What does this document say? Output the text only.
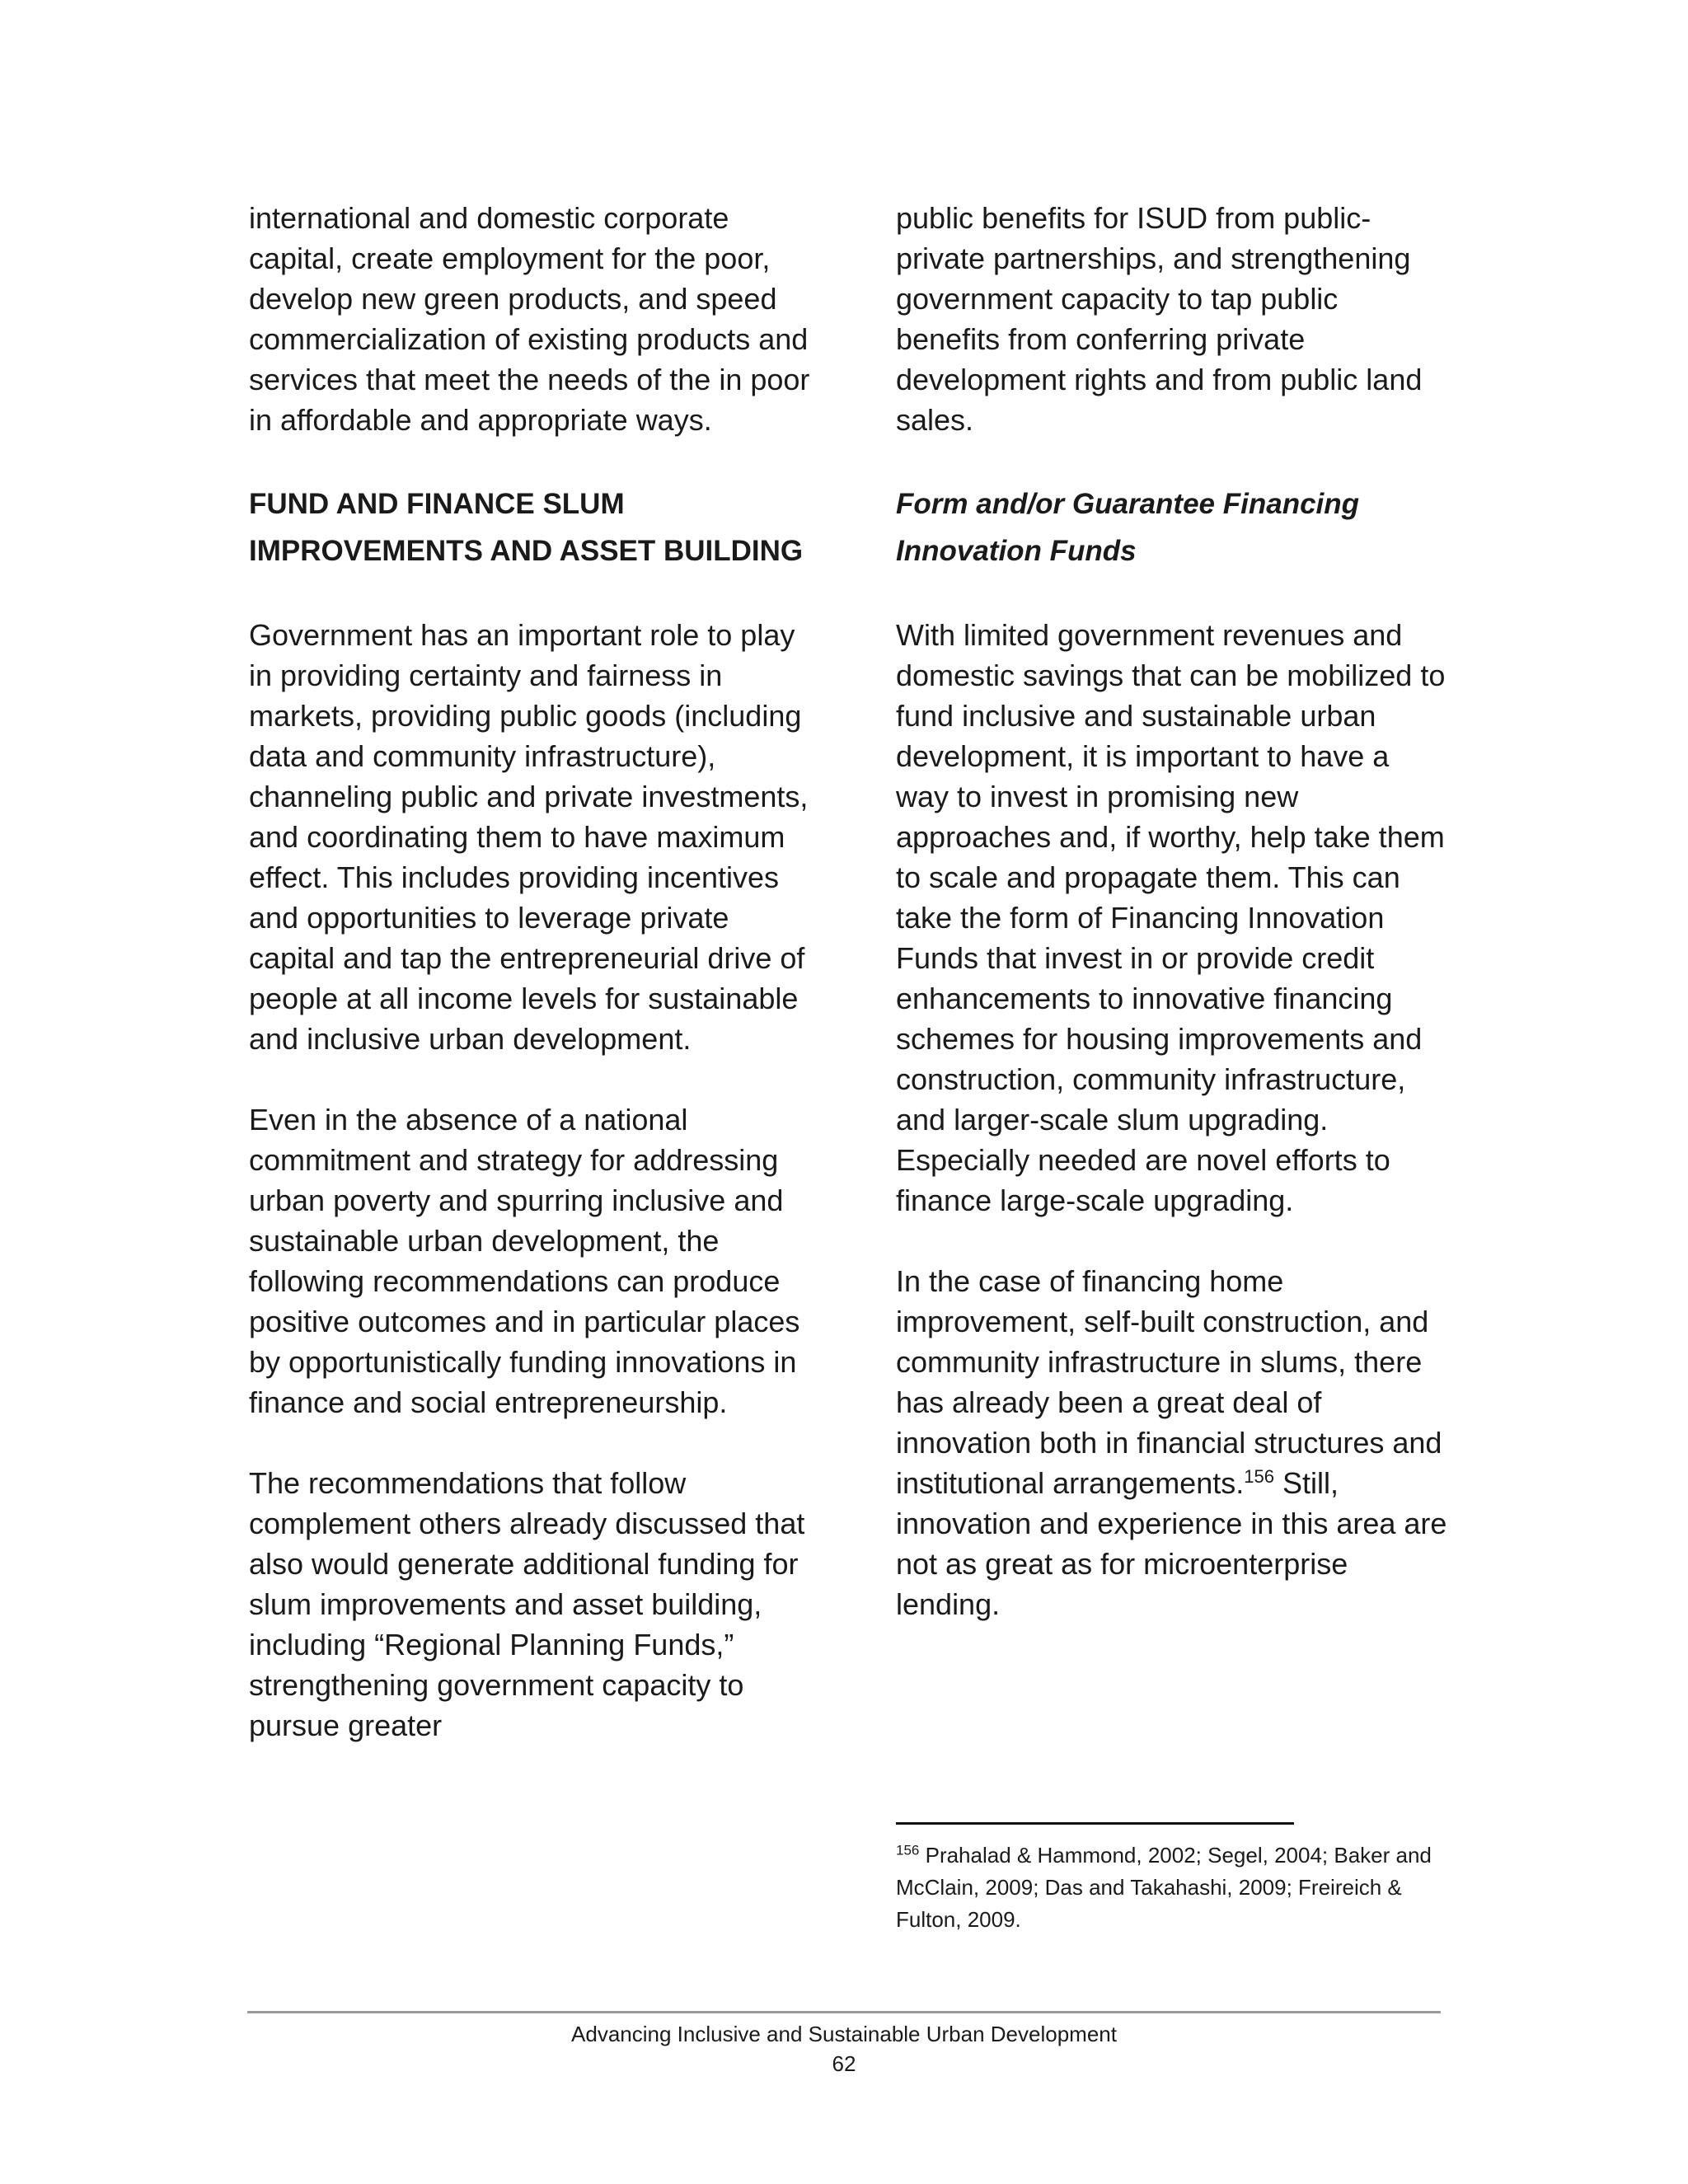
international and domestic corporate capital, create employment for the poor, develop new green products, and speed commercialization of existing products and services that meet the needs of the in poor in affordable and appropriate ways.

FUND AND FINANCE SLUM
IMPROVEMENTS AND ASSET BUILDING

Government has an important role to play in providing certainty and fairness in markets, providing public goods (including data and community infrastructure), channeling public and private investments, and coordinating them to have maximum effect. This includes providing incentives and opportunities to leverage private capital and tap the entrepreneurial drive of people at all income levels for sustainable and inclusive urban development.

Even in the absence of a national commitment and strategy for addressing urban poverty and spurring inclusive and sustainable urban development, the following recommendations can produce positive outcomes and in particular places by opportunistically funding innovations in finance and social entrepreneurship.

The recommendations that follow complement others already discussed that also would generate additional funding for slum improvements and asset building, including “Regional Planning Funds,” strengthening government capacity to pursue greater

public benefits for ISUD from public-private partnerships, and strengthening government capacity to tap public benefits from conferring private development rights and from public land sales.

Form and/or Guarantee Financing
Innovation Funds

With limited government revenues and domestic savings that can be mobilized to fund inclusive and sustainable urban development, it is important to have a way to invest in promising new approaches and, if worthy, help take them to scale and propagate them. This can take the form of Financing Innovation Funds that invest in or provide credit enhancements to innovative financing schemes for housing improvements and construction, community infrastructure, and larger-scale slum upgrading. Especially needed are novel efforts to finance large-scale upgrading.

In the case of financing home improvement, self-built construction, and community infrastructure in slums, there has already been a great deal of innovation both in financial structures and institutional arrangements.$^{156}$ Still, innovation and experience in this area are not as great as for microenterprise lending.

$^{156}$ Prahalad & Hammond, 2002; Segel, 2004; Baker and McClain, 2009; Das and Takahashi, 2009; Freireich & Fulton, 2009.
Advancing Inclusive and Sustainable Urban Development
62
